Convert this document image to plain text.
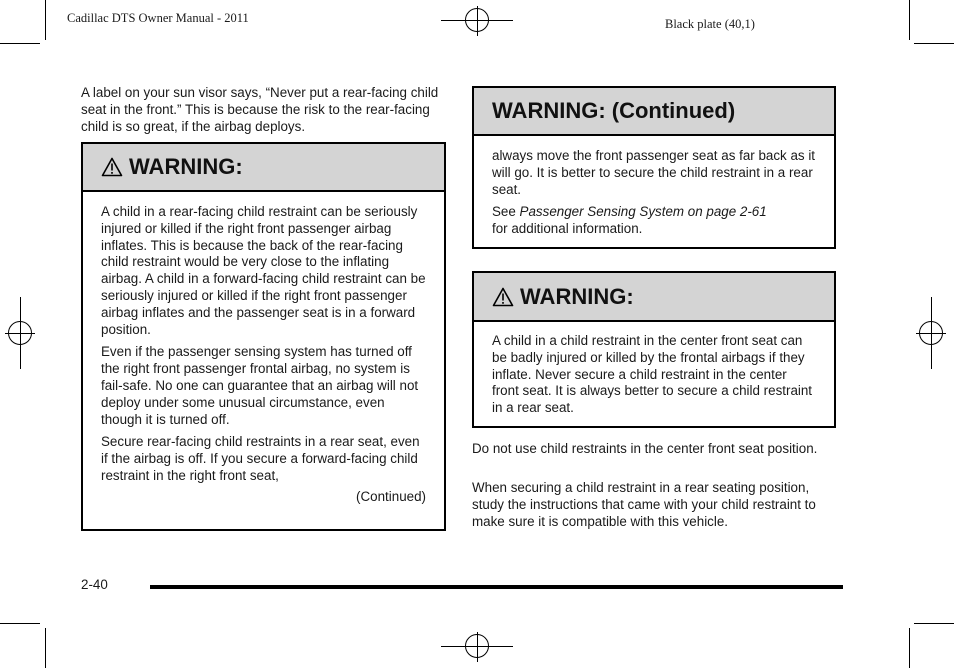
Cadillac DTS Owner Manual - 2011	Black plate (40,1)

A label on your sun visor says, “Never put a rear-facing child seat in the front.” This is because the risk to the rear-facing child is so great, if the airbag deploys.

WARNING:

A child in a rear-facing child restraint can be seriously injured or killed if the right front passenger airbag inflates. This is because the back of the rear-facing child restraint would be very close to the inflating airbag. A child in a forward-facing child restraint can be seriously injured or killed if the right front passenger airbag inflates and the passenger seat is in a forward position.

Even if the passenger sensing system has turned off the right front passenger frontal airbag, no system is fail-safe. No one can guarantee that an airbag will not deploy under some unusual circumstance, even though it is turned off.

Secure rear-facing child restraints in a rear seat, even if the airbag is off. If you secure a forward-facing child restraint in the right front seat,

(Continued)

WARNING: (Continued)

always move the front passenger seat as far back as it will go. It is better to secure the child restraint in a rear seat.

See Passenger Sensing System on page 2-61
for additional information.

WARNING:

A child in a child restraint in the center front seat can be badly injured or killed by the frontal airbags if they inflate. Never secure a child restraint in the center front seat. It is always better to secure a child restraint in a rear seat.

Do not use child restraints in the center front seat position.

When securing a child restraint in a rear seating position, study the instructions that came with your child restraint to make sure it is compatible with this vehicle.

2-40
